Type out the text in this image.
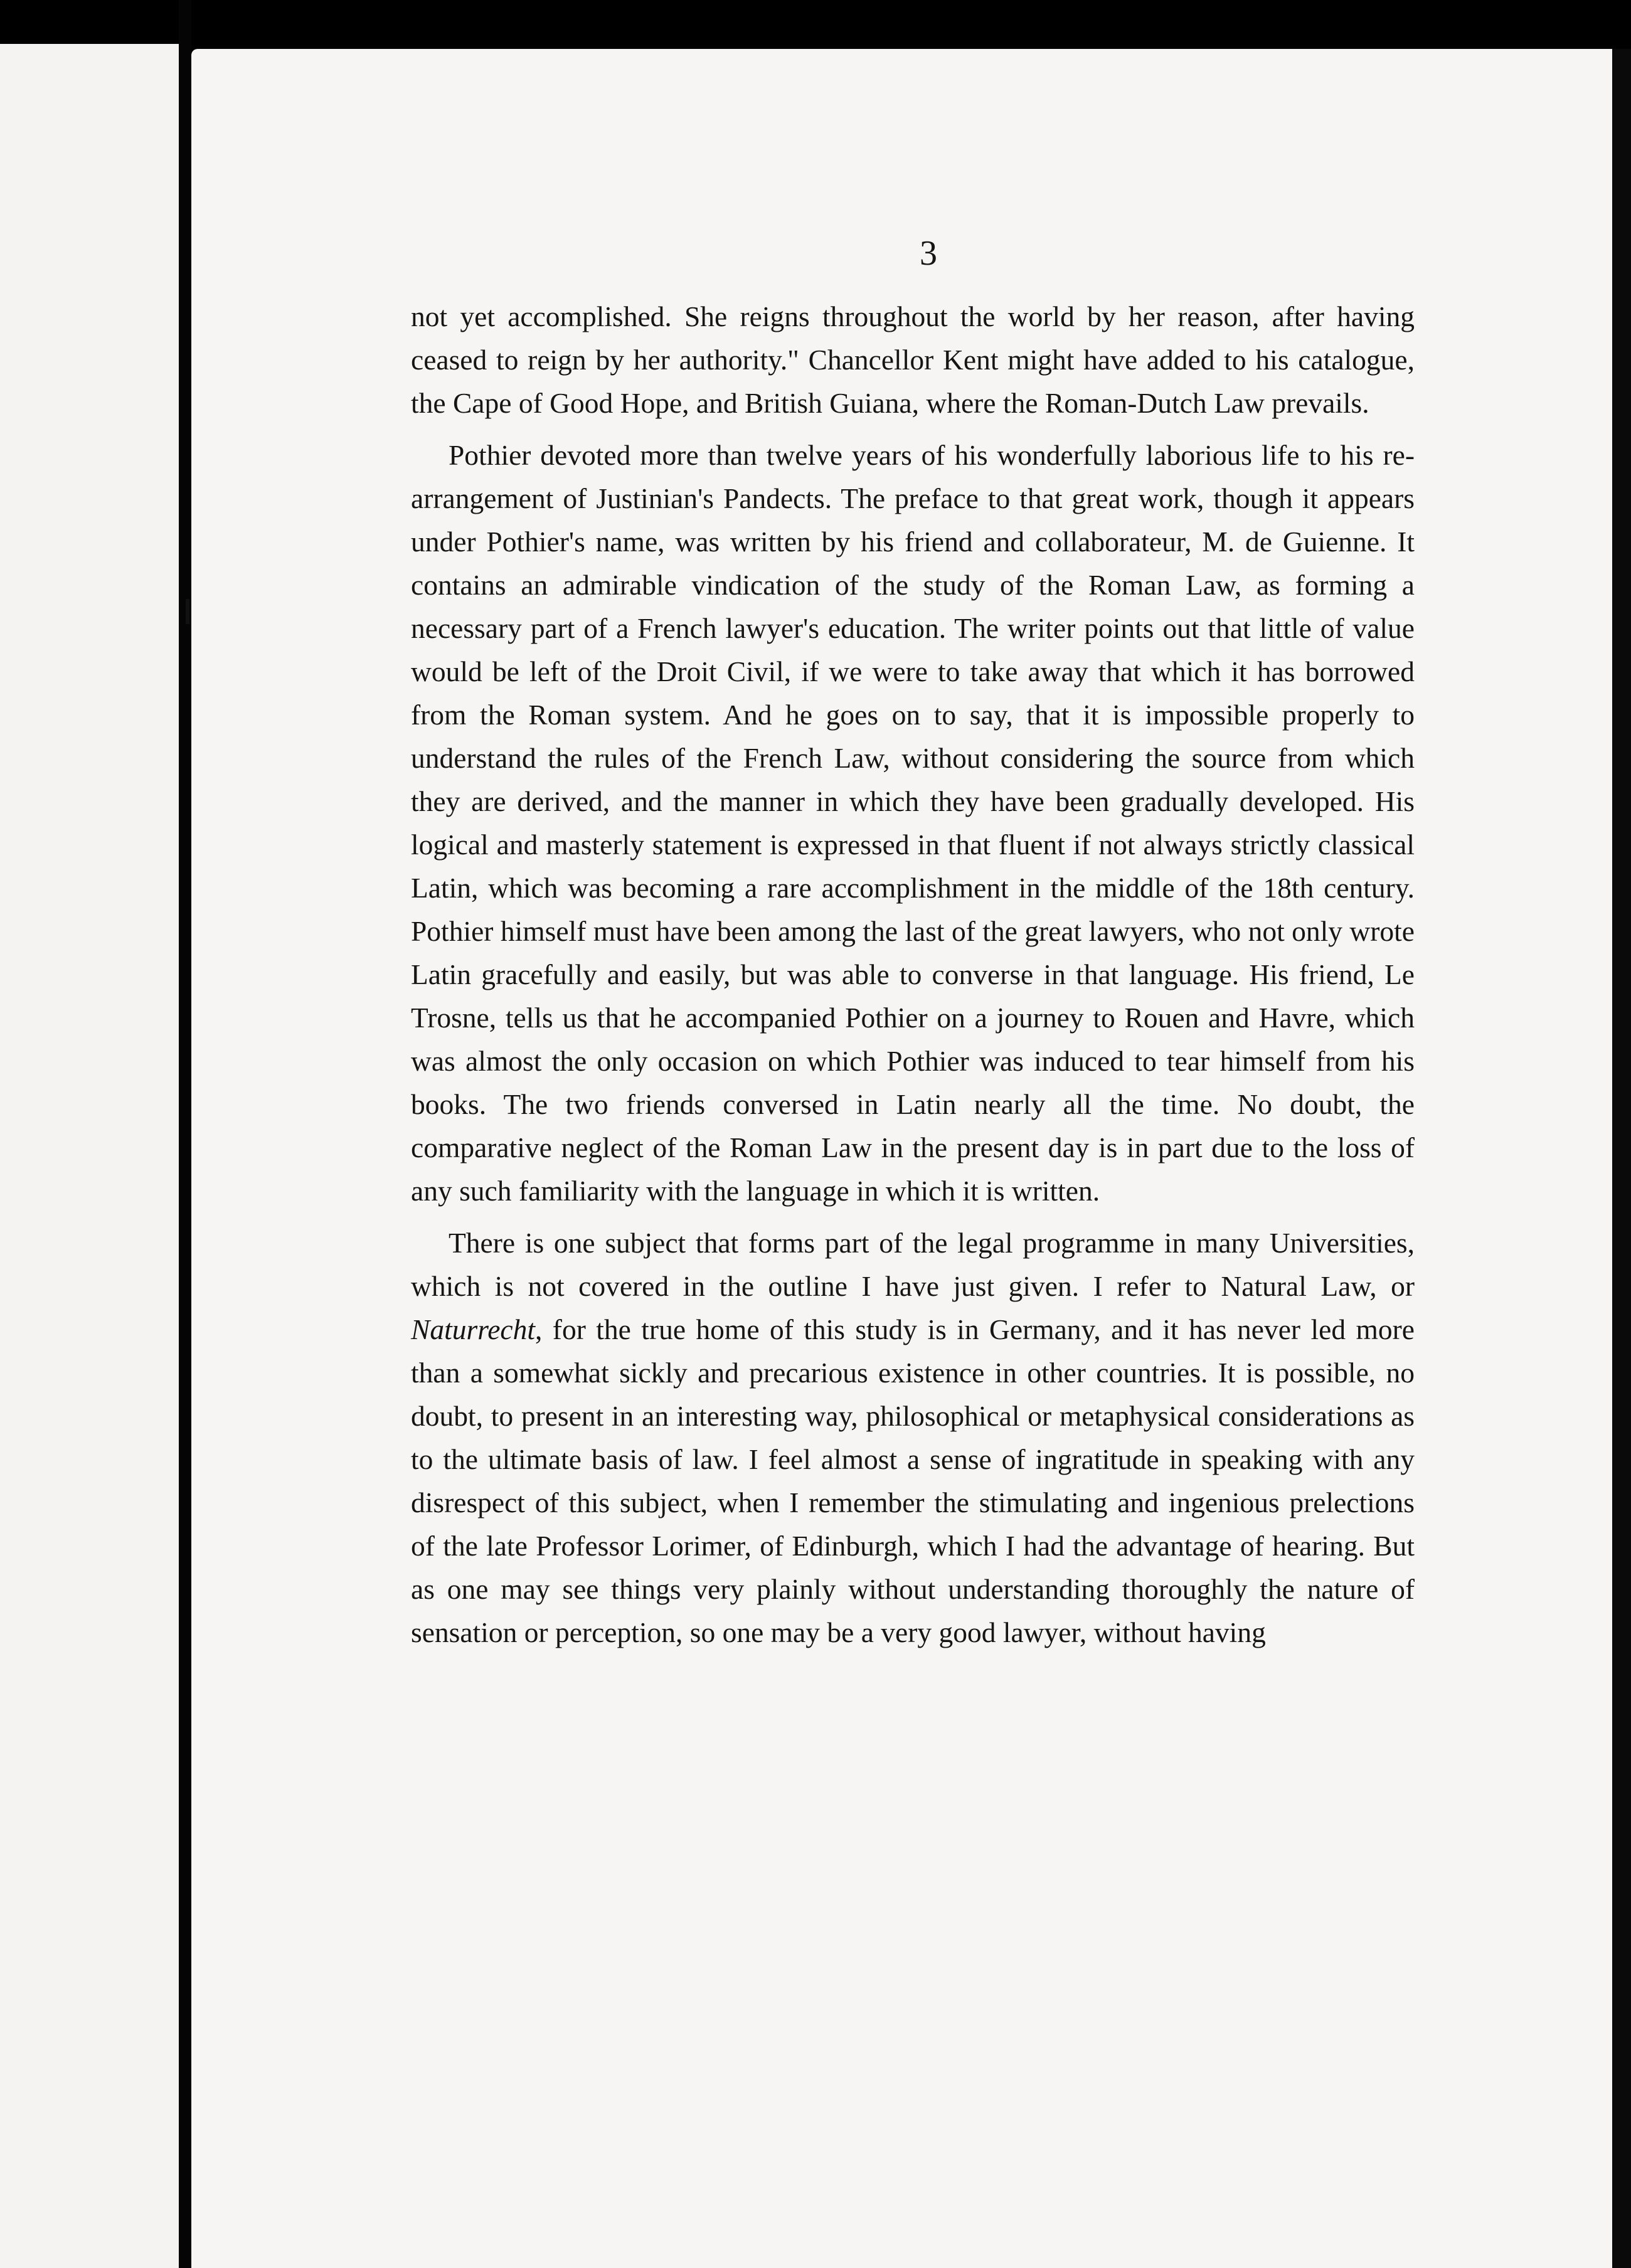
3

not yet accomplished. She reigns throughout the world by her reason, after having ceased to reign by her authority." Chancellor Kent might have added to his catalogue, the Cape of Good Hope, and British Guiana, where the Roman-Dutch Law prevails.

Pothier devoted more than twelve years of his wonderfully laborious life to his re-arrangement of Justinian's Pandects. The preface to that great work, though it appears under Pothier's name, was written by his friend and collaborateur, M. de Guienne. It contains an admirable vindication of the study of the Roman Law, as forming a necessary part of a French lawyer's education. The writer points out that little of value would be left of the Droit Civil, if we were to take away that which it has borrowed from the Roman system. And he goes on to say, that it is impossible properly to understand the rules of the French Law, without considering the source from which they are derived, and the manner in which they have been gradually developed. His logical and masterly statement is expressed in that fluent if not always strictly classical Latin, which was becoming a rare accomplishment in the middle of the 18th century. Pothier himself must have been among the last of the great lawyers, who not only wrote Latin gracefully and easily, but was able to converse in that language. His friend, Le Trosne, tells us that he accompanied Pothier on a journey to Rouen and Havre, which was almost the only occasion on which Pothier was induced to tear himself from his books. The two friends conversed in Latin nearly all the time. No doubt, the comparative neglect of the Roman Law in the present day is in part due to the loss of any such familiarity with the language in which it is written.

There is one subject that forms part of the legal programme in many Universities, which is not covered in the outline I have just given. I refer to Natural Law, or Naturrecht, for the true home of this study is in Germany, and it has never led more than a somewhat sickly and precarious existence in other countries. It is possible, no doubt, to present in an interesting way, philosophical or metaphysical considerations as to the ultimate basis of law. I feel almost a sense of ingratitude in speaking with any disrespect of this subject, when I remember the stimulating and ingenious prelections of the late Professor Lorimer, of Edinburgh, which I had the advantage of hearing. But as one may see things very plainly without understanding thoroughly the nature of sensation or perception, so one may be a very good lawyer, without having
